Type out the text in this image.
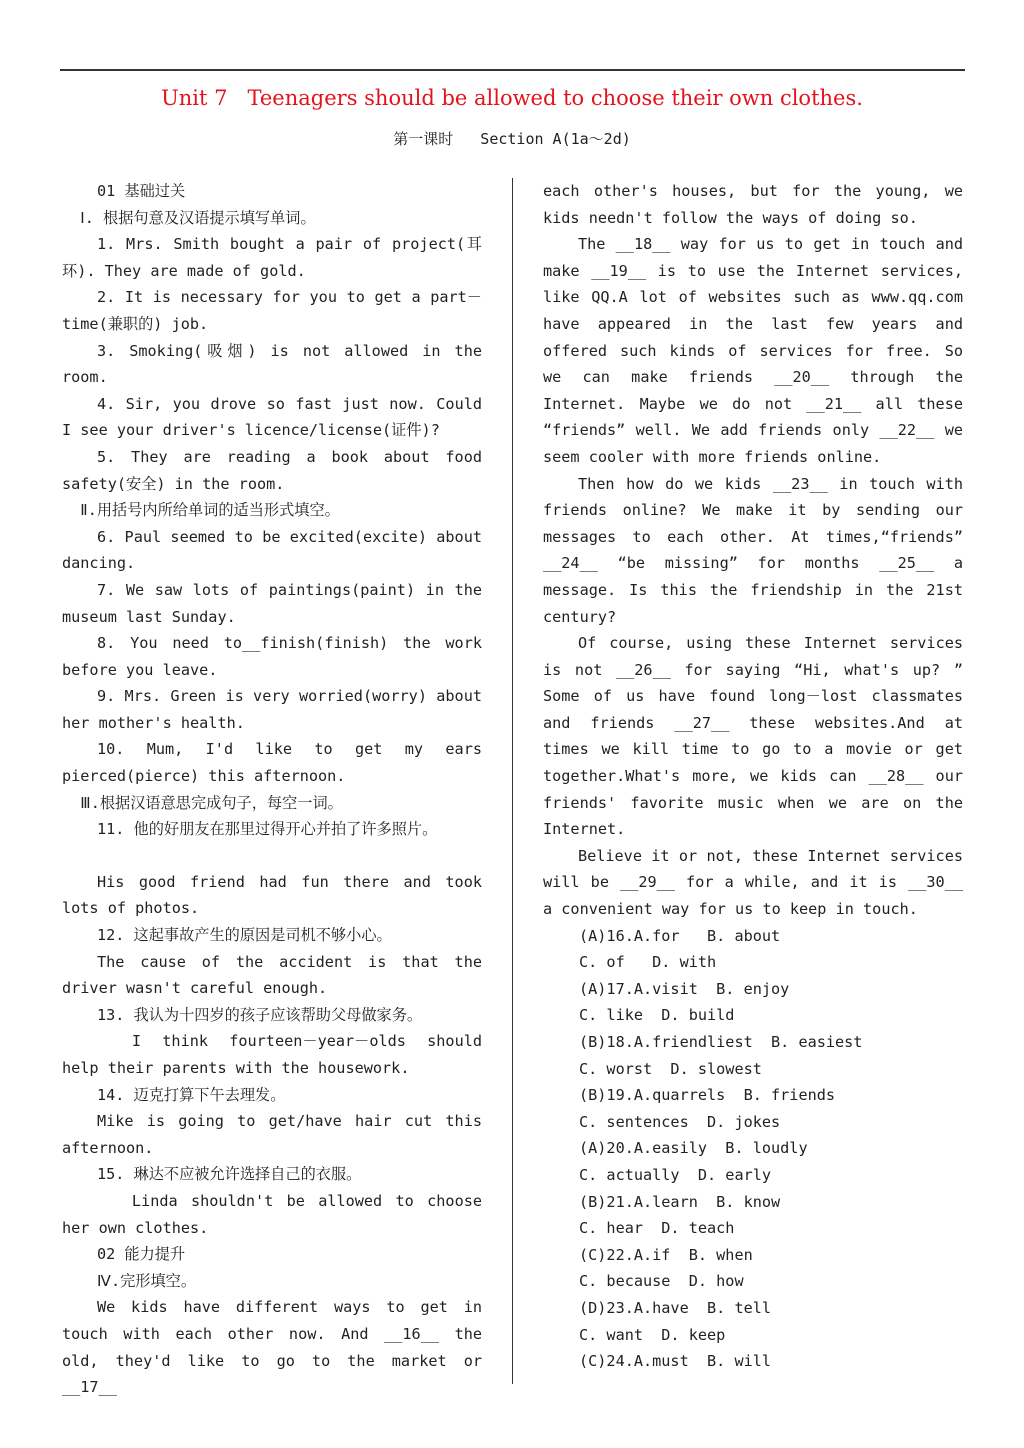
Unit 7   Teenagers should be allowed to choose their own clothes.
第一课时   Section A(1a～2d)

01 基础过关

Ⅰ. 根据句意及汉语提示填写单词。

1. Mrs. Smith bought a pair of project(耳环). They are made of gold.

2. It is necessary for you to get a part－time(兼职的) job.

3. Smoking(吸烟) is not allowed in the room.

4. Sir, you drove so fast just now. Could I see your driver's licence/license(证件)?

5. They are reading a book about food safety(安全) in the room.

Ⅱ.用括号内所给单词的适当形式填空。

6. Paul seemed to be excited(excite) about dancing.

7. We saw lots of paintings(paint) in the museum last Sunday.

8. You need to__finish(finish) the work before you leave.

9. Mrs. Green is very worried(worry) about her mother's health.

10. Mum, I'd like to get my ears pierced(pierce) this afternoon.

Ⅲ.根据汉语意思完成句子，每空一词。

11. 他的好朋友在那里过得开心并拍了许多照片。

His good friend had fun there and took lots of photos.

12. 这起事故产生的原因是司机不够小心。

The cause of the accident is that the driver wasn't careful enough.

13. 我认为十四岁的孩子应该帮助父母做家务。

I think fourteen－year－olds should help their parents with the housework.

14. 迈克打算下午去理发。

Mike is going to get/have hair cut this afternoon.

15. 琳达不应被允许选择自己的衣服。

Linda shouldn't be allowed to choose her own clothes.

02 能力提升

Ⅳ.完形填空。

We kids have different ways to get in touch with each other now. And __16__ the old, they'd like to go to the market or __17__

each other's houses, but for the young, we kids needn't follow the ways of doing so.

The __18__ way for us to get in touch and make __19__ is to use the Internet services, like QQ.A lot of websites such as www.qq.com have appeared in the last few years and offered such kinds of services for free. So we can make friends __20__ through the Internet. Maybe we do not __21__ all these “friends” well. We add friends only __22__ we seem cooler with more friends online.

Then how do we kids __23__ in touch with friends online? We make it by sending our messages to each other. At times,“friends” __24__ “be missing” for months __25__ a message. Is this the friendship in the 21st century?

Of course, using these Internet services is not __26__ for saying “Hi, what's up? ” Some of us have found long－lost classmates and friends __27__ these websites.And at times we kill time to go to a movie or get together.What's more, we kids can __28__ our friends' favorite music when we are on the Internet.

Believe it or not, these Internet services will be __29__ for a while, and it is __30__ a convenient way for us to keep in touch.

(A)16.A.for   B. about

C. of   D. with

(A)17.A.visit  B. enjoy

C. like  D. build

(B)18.A.friendliest  B. easiest

C. worst  D. slowest

(B)19.A.quarrels  B. friends

C. sentences  D. jokes

(A)20.A.easily  B. loudly

C. actually  D. early

(B)21.A.learn  B. know

C. hear  D. teach

(C)22.A.if  B. when

C. because  D. how

(D)23.A.have  B. tell

C. want  D. keep

(C)24.A.must  B. will
